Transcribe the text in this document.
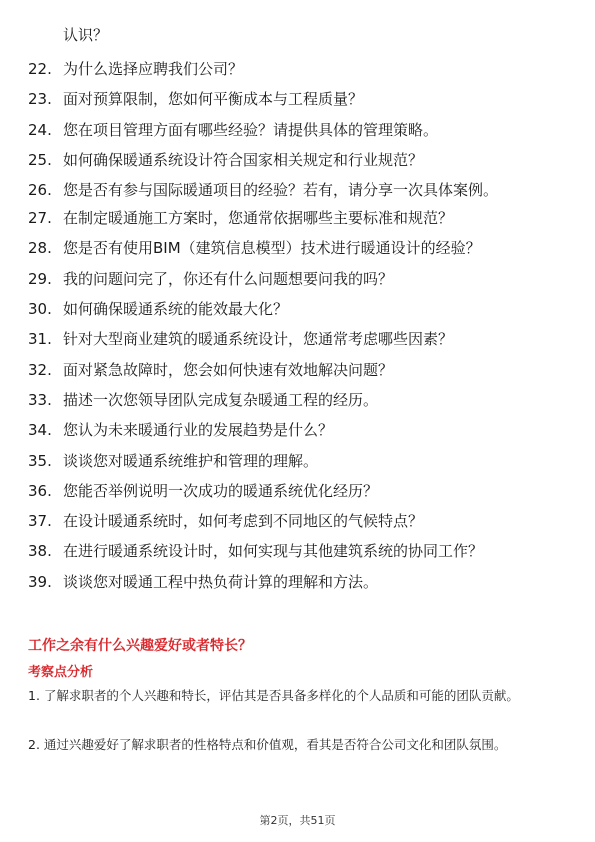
认识？
22. 为什么选择应聘我们公司？
23. 面对预算限制，您如何平衡成本与工程质量？
24. 您在项目管理方面有哪些经验？请提供具体的管理策略。
25. 如何确保暖通系统设计符合国家相关规定和行业规范？
26. 您是否有参与国际暖通项目的经验？若有，请分享一次具体案例。
27. 在制定暖通施工方案时，您通常依据哪些主要标准和规范？
28. 您是否有使用BIM（建筑信息模型）技术进行暖通设计的经验？
29. 我的问题问完了，你还有什么问题想要问我的吗？
30. 如何确保暖通系统的能效最大化？
31. 针对大型商业建筑的暖通系统设计，您通常考虑哪些因素？
32. 面对紧急故障时，您会如何快速有效地解决问题？
33. 描述一次您领导团队完成复杂暖通工程的经历。
34. 您认为未来暖通行业的发展趋势是什么？
35. 谈谈您对暖通系统维护和管理的理解。
36. 您能否举例说明一次成功的暖通系统优化经历？
37. 在设计暖通系统时，如何考虑到不同地区的气候特点？
38. 在进行暖通系统设计时，如何实现与其他建筑系统的协同工作？
39. 谈谈您对暖通工程中热负荷计算的理解和方法。
工作之余有什么兴趣爱好或者特长？
考察点分析
1. 了解求职者的个人兴趣和特长，评估其是否具备多样化的个人品质和可能的团队贡献。
2. 通过兴趣爱好了解求职者的性格特点和价值观，看其是否符合公司文化和团队氛围。
第2页，共51页
